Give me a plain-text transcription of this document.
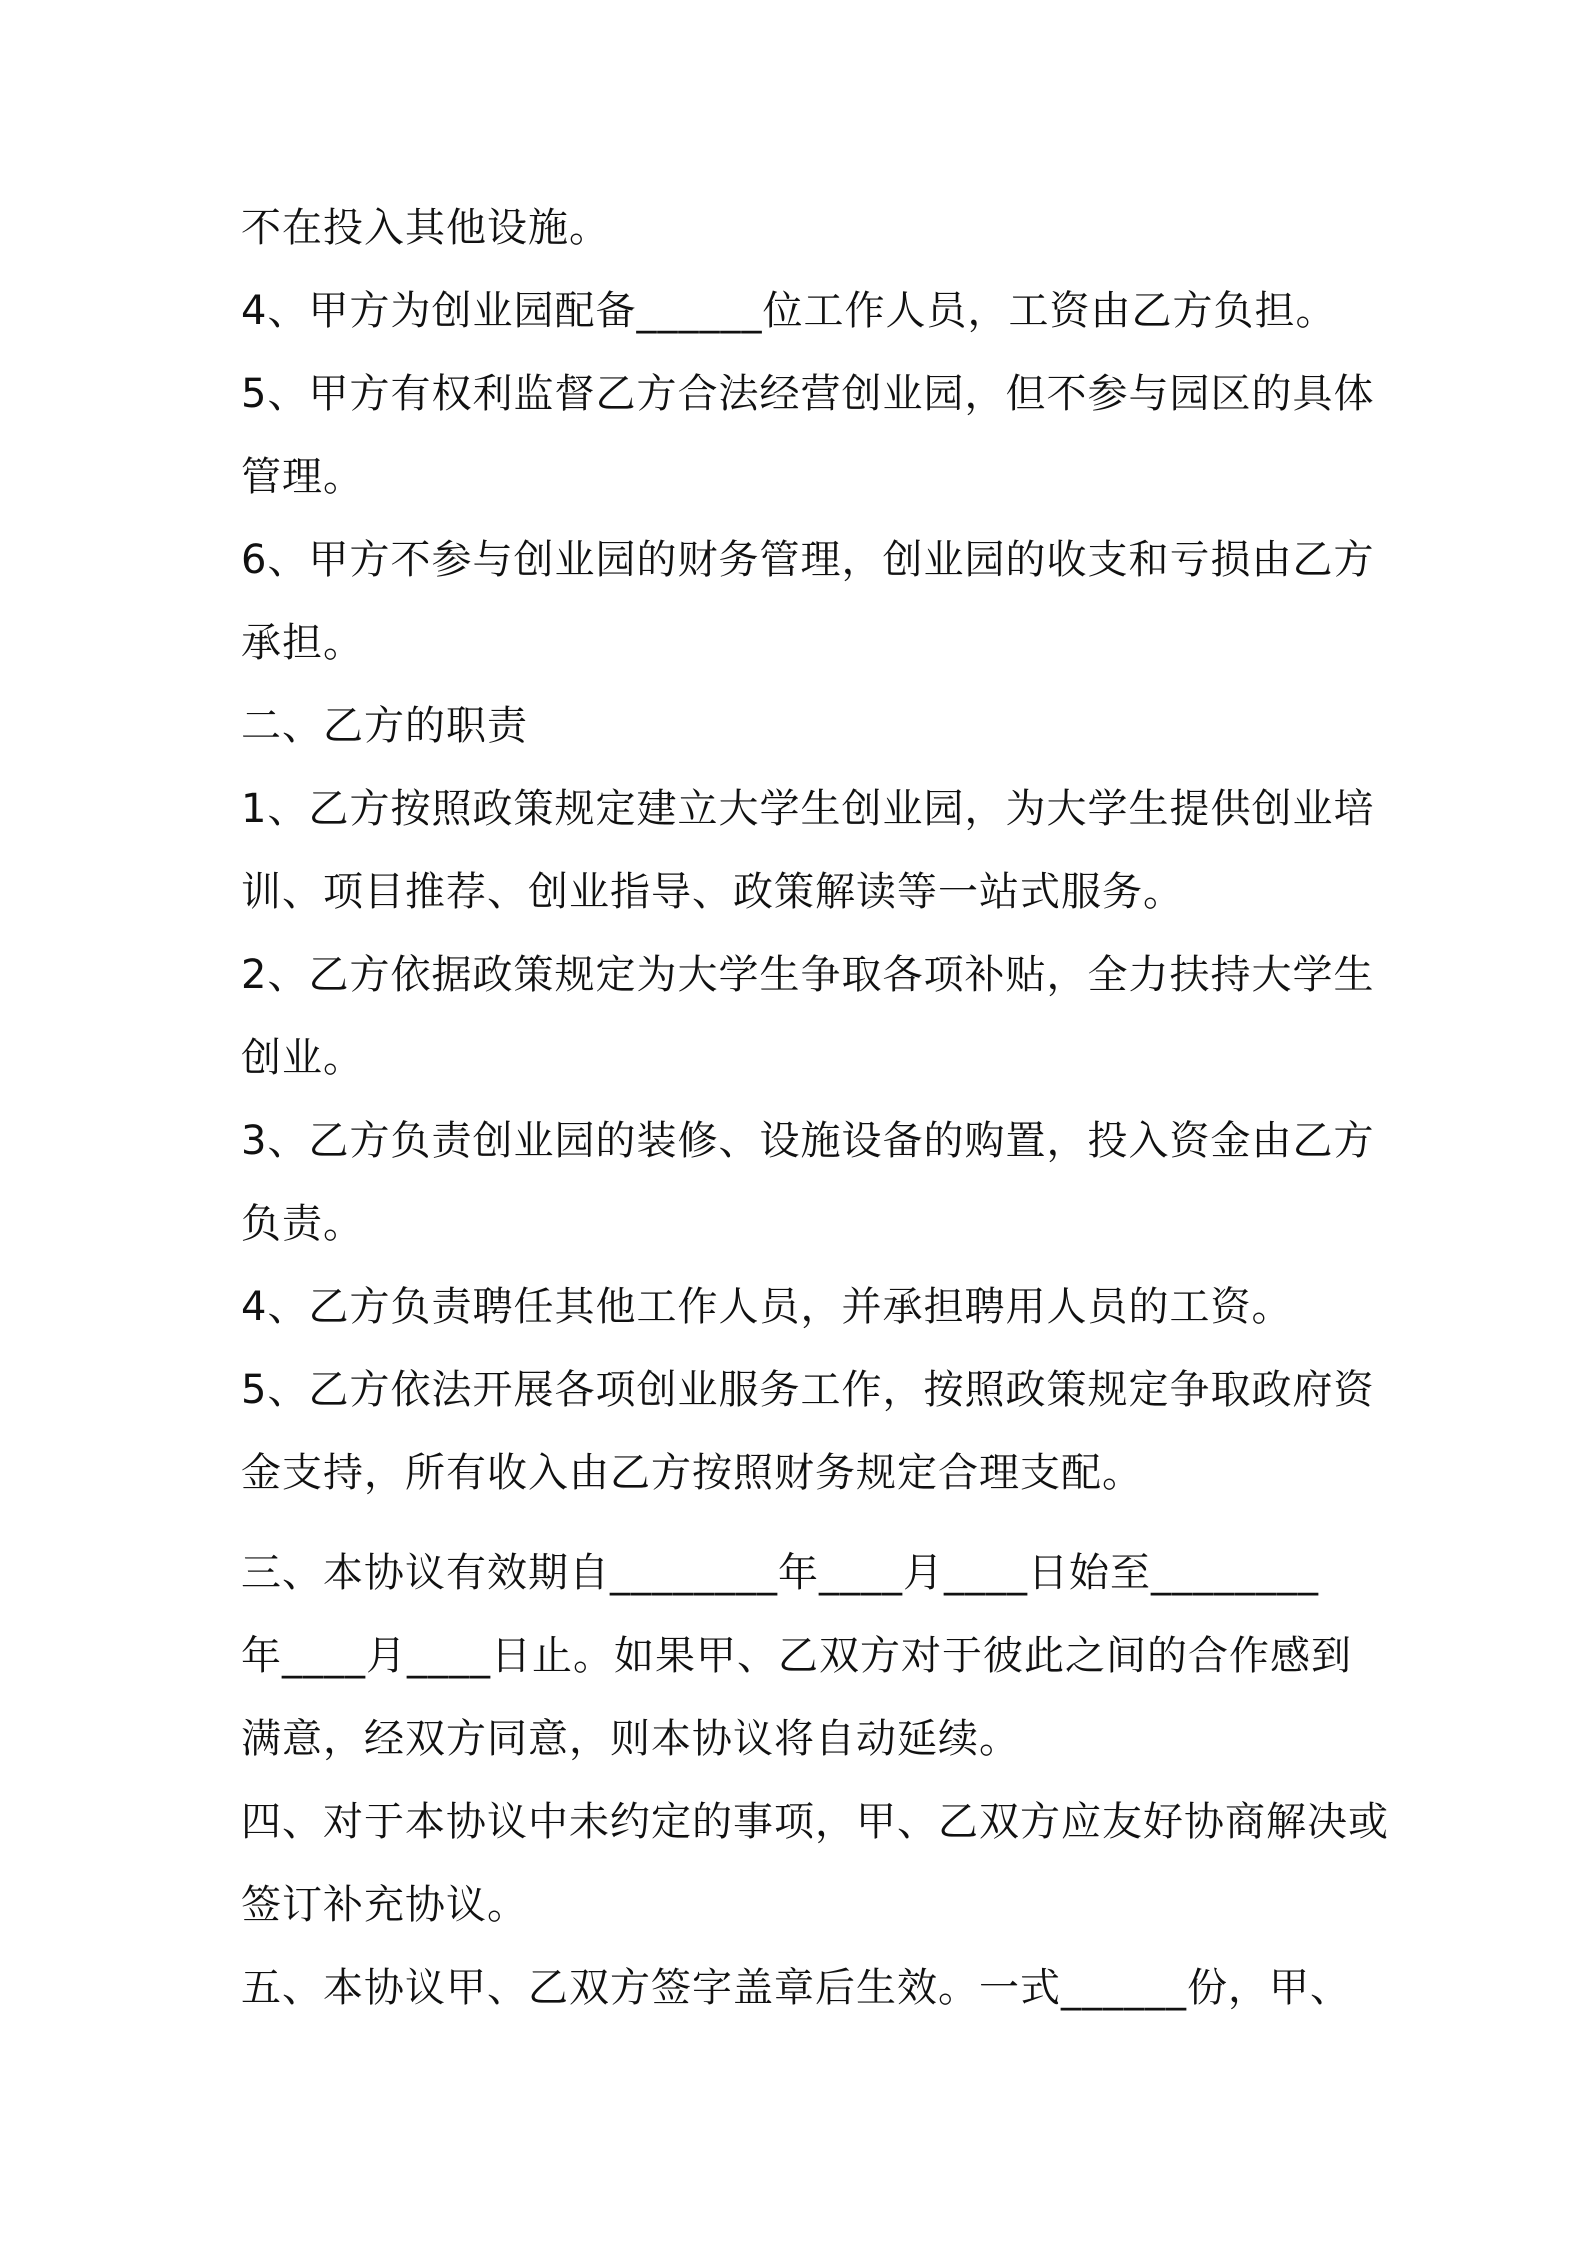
不在投入其他设施。
4、甲方为创业园配备______位工作人员，工资由乙方负担。
5、甲方有权利监督乙方合法经营创业园，但不参与园区的具体
管理。
6、甲方不参与创业园的财务管理，创业园的收支和亏损由乙方
承担。
二、乙方的职责
1、乙方按照政策规定建立大学生创业园，为大学生提供创业培
训、项目推荐、创业指导、政策解读等一站式服务。
2、乙方依据政策规定为大学生争取各项补贴，全力扶持大学生
创业。
3、乙方负责创业园的装修、设施设备的购置，投入资金由乙方
负责。
4、乙方负责聘任其他工作人员，并承担聘用人员的工资。
5、乙方依法开展各项创业服务工作，按照政策规定争取政府资
金支持，所有收入由乙方按照财务规定合理支配。
三、本协议有效期自________年____月____日始至________
年____月____日止。如果甲、乙双方对于彼此之间的合作感到
满意，经双方同意，则本协议将自动延续。
四、对于本协议中未约定的事项，甲、乙双方应友好协商解决或
签订补充协议。
五、本协议甲、乙双方签字盖章后生效。一式______份，甲、
